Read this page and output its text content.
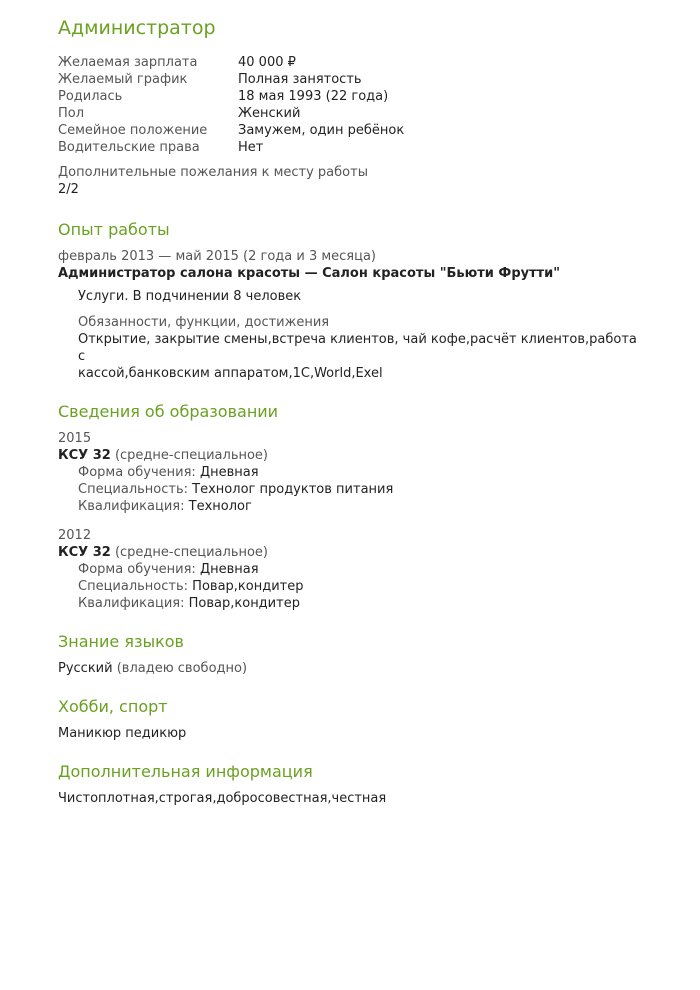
Администратор
Желаемая зарплата	40 000 ₽
Желаемый график	Полная занятость
Родилась	18 мая 1993 (22 года)
Пол	Женский
Семейное положение	Замужем, один ребёнок
Водительские права	Нет
Дополнительные пожелания к месту работы
2/2
Опыт работы
февраль 2013 — май 2015 (2 года и 3 месяца)
Администратор салона красоты — Салон красоты "Бьюти Фрутти"
Услуги. В подчинении 8 человек
Обязанности, функции, достижения
Открытие, закрытие смены,встреча клиентов, чай кофе,расчёт клиентов,работа с
кассой,банковским аппаратом,1С,World,Exel
Сведения об образовании
2015
КСУ 32 (средне-специальное)
Форма обучения: Дневная
Специальность: Технолог продуктов питания
Квалификация: Технолог
2012
КСУ 32 (средне-специальное)
Форма обучения: Дневная
Специальность: Повар,кондитер
Квалификация: Повар,кондитер
Знание языков
Русский (владею свободно)
Хобби, спорт
Маникюр педикюр
Дополнительная информация
Чистоплотная,строгая,добросовестная,честная
